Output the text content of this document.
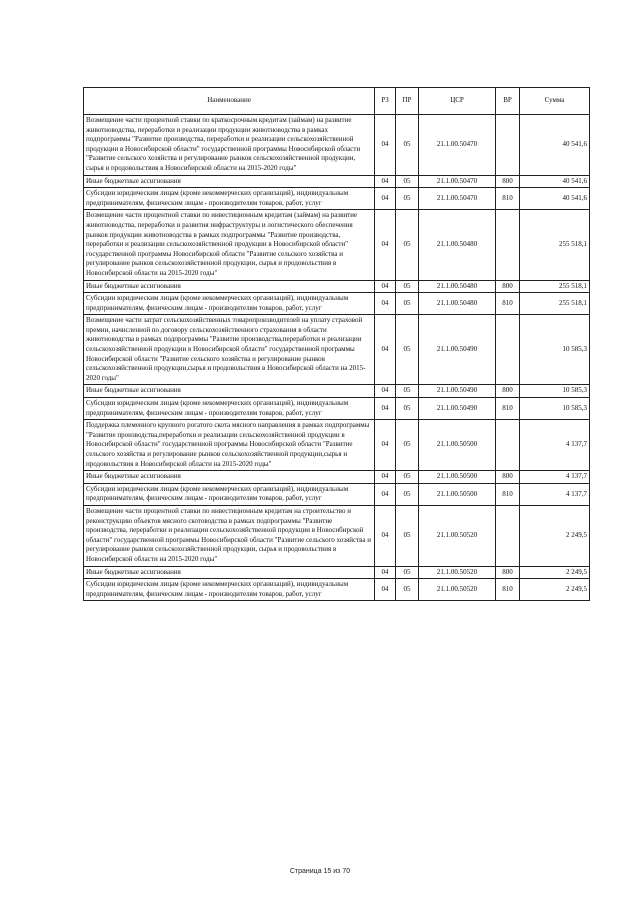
Наименование	РЗ	ПР	ЦСР	ВР	Сумма
Возмещение части процентной ставки по краткосрочным кредитам (займам) на развитие животноводства, переработки и реализации продукции животноводства в рамках подпрограммы "Развитие производства, переработки и реализации сельскохозяйственной продукции в Новосибирской области" государственной программы Новосибирской области "Развитие сельского хозяйства и регулирование рынков сельскохозяйственной продукции, сырья и продовольствия в Новосибирской области на 2015-2020 годы"	04	05	21.1.00.50470		40 541,6
Иные бюджетные ассигнования	04	05	21.1.00.50470	800	40 541,6
Субсидии юридическим лицам (кроме некоммерческих организаций), индивидуальным предпринимателям, физическим лицам - производителям товаров, работ, услуг	04	05	21.1.00.50470	810	40 541,6
Возмещение части процентной ставки по инвестиционным кредитам (займам) на развитие животноводства, переработки и развития инфраструктуры и логистического обеспечения рынков продукции животноводства в рамках подпрограммы "Развитие производства, переработки и реализации сельскохозяйственной продукции в Новосибирской области" государственной программы Новосибирской области "Развитие сельского хозяйства и регулирование рынков сельскохозяйственной продукции, сырья и продовольствия в Новосибирской области на 2015-2020 годы"	04	05	21.1.00.50480		255 518,1
Иные бюджетные ассигнования	04	05	21.1.00.50480	800	255 518,1
Субсидии юридическим лицам (кроме некоммерческих организаций), индивидуальным предпринимателям, физическим лицам - производителям товаров, работ, услуг	04	05	21.1.00.50480	810	255 518,1
Возмещение части затрат сельскохозяйственных товаропроизводителей на уплату страховой премии, начисленной по договору сельскохозяйственного страхования в области животноводства в рамках подпрограммы "Развитие производства,переработки и реализации сельскохозяйственной продукции в Новосибирской области" государственной программы Новосибирской области "Развитие сельского хозяйства и регулирование рынков сельскохозяйственной продукции,сырья и продовольствия в Новосибирской области на 2015-2020 годы"	04	05	21.1.00.50490		10 585,3
Иные бюджетные ассигнования	04	05	21.1.00.50490	800	10 585,3
Субсидии юридическим лицам (кроме некоммерческих организаций), индивидуальным предпринимателям, физическим лицам - производителям товаров, работ, услуг	04	05	21.1.00.50490	810	10 585,3
Поддержка племенного крупного рогатого скота мясного направления в рамках подпрограммы "Развитие производства,переработки и реализации сельскохозяйственной продукции в Новосибирской области" государственной программы Новосибирской области "Развитие сельского хозяйства и регулирование рынков сельскохозяйственной продукции,сырья и продовольствия в Новосибирской области на 2015-2020 годы"	04	05	21.1.00.50500		4 137,7
Иные бюджетные ассигнования	04	05	21.1.00.50500	800	4 137,7
Субсидии юридическим лицам (кроме некоммерческих организаций), индивидуальным предпринимателям, физическим лицам - производителям товаров, работ, услуг	04	05	21.1.00.50500	810	4 137,7
Возмещение части процентной ставки по инвестиционным кредитам на строительство и реконструкцию объектов мясного скотоводства в рамках подпрограммы "Развитие производства, переработки и реализации сельскохозяйственной продукции в Новосибирской области" государственной программы Новосибирской области "Развитие сельского хозяйства и регулирование рынков сельскохозяйственной продукции, сырья и продовольствия в Новосибирской области на 2015-2020 годы"	04	05	21.1.00.50520		2 249,5
Иные бюджетные ассигнования	04	05	21.1.00.50520	800	2 249,5
Субсидии юридическим лицам (кроме некоммерческих организаций), индивидуальным предпринимателям, физическим лицам - производителям товаров, работ, услуг	04	05	21.1.00.50520	810	2 249,5
Страница 15 из 70
